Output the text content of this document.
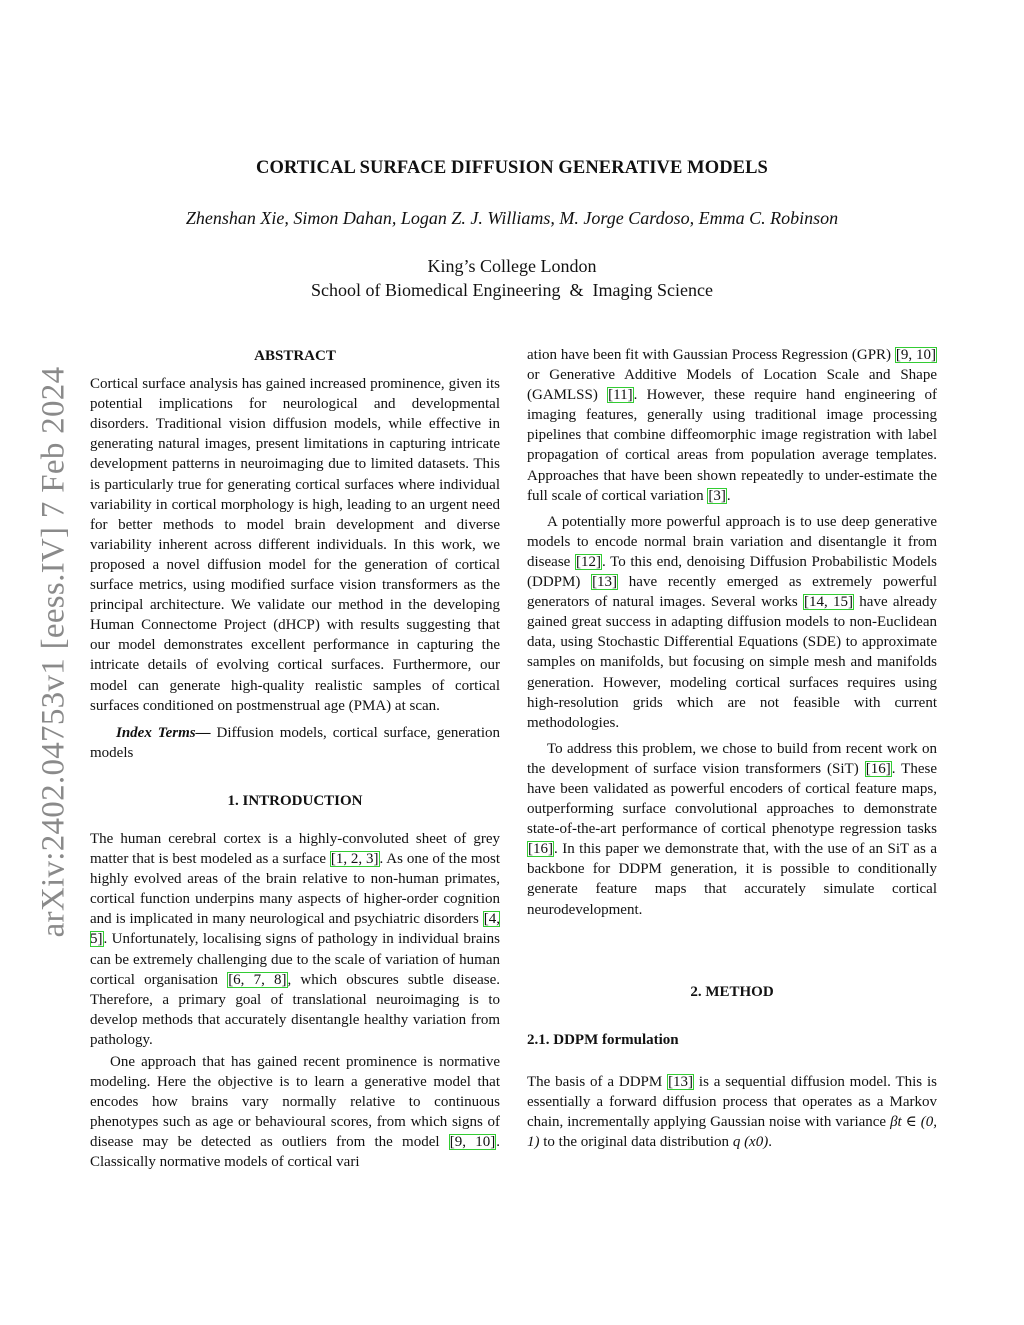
arXiv:2402.04753v1 [eess.IV] 7 Feb 2024
CORTICAL SURFACE DIFFUSION GENERATIVE MODELS
Zhenshan Xie, Simon Dahan, Logan Z. J. Williams, M. Jorge Cardoso, Emma C. Robinson
King’s College London
School of Biomedical Engineering  &  Imaging Science
ABSTRACT

Cortical surface analysis has gained increased prominence, given its potential implications for neurological and developmental disorders. Traditional vision diffusion models, while effective in generating natural images, present limitations in capturing intricate development patterns in neuroimaging due to limited datasets. This is particularly true for generating cortical surfaces where individual variability in cortical morphology is high, leading to an urgent need for better methods to model brain development and diverse variability inherent across different individuals. In this work, we proposed a novel diffusion model for the generation of cortical surface metrics, using modified surface vision transformers as the principal architecture. We validate our method in the developing Human Connectome Project (dHCP) with results suggesting that our model demonstrates excellent performance in capturing the intricate details of evolving cortical surfaces. Furthermore, our model can generate high-quality realistic samples of cortical surfaces conditioned on postmenstrual age (PMA) at scan.

Index Terms— Diffusion models, cortical surface, generation models

1. INTRODUCTION

The human cerebral cortex is a highly-convoluted sheet of grey matter that is best modeled as a surface [1, 2, 3]. As one of the most highly evolved areas of the brain relative to non-human primates, cortical function underpins many aspects of higher-order cognition and is implicated in many neurological and psychiatric disorders [4, 5]. Unfortunately, localising signs of pathology in individual brains can be extremely challenging due to the scale of variation of human cortical organisation [6, 7, 8], which obscures subtle disease. Therefore, a primary goal of translational neuroimaging is to develop methods that accurately disentangle healthy variation from pathology.

One approach that has gained recent prominence is normative modeling. Here the objective is to learn a generative model that encodes how brains vary normally relative to continuous phenotypes such as age or behavioural scores, from which signs of disease may be detected as outliers from the model [9, 10]. Classically normative models of cortical vari

ation have been fit with Gaussian Process Regression (GPR) [9, 10] or Generative Additive Models of Location Scale and Shape (GAMLSS) [11]. However, these require hand engineering of imaging features, generally using traditional image processing pipelines that combine diffeomorphic image registration with label propagation of cortical areas from population average templates. Approaches that have been shown repeatedly to under-estimate the full scale of cortical variation [3].

A potentially more powerful approach is to use deep generative models to encode normal brain variation and disentangle it from disease [12]. To this end, denoising Diffusion Probabilistic Models (DDPM) [13] have recently emerged as extremely powerful generators of natural images. Several works [14, 15] have already gained great success in adapting diffusion models to non-Euclidean data, using Stochastic Differential Equations (SDE) to approximate samples on manifolds, but focusing on simple mesh and manifolds generation. However, modeling cortical surfaces requires using high-resolution grids which are not feasible with current methodologies.

To address this problem, we chose to build from recent work on the development of surface vision transformers (SiT) [16]. These have been validated as powerful encoders of cortical feature maps, outperforming surface convolutional approaches to demonstrate state-of-the-art performance of cortical phenotype regression tasks [16]. In this paper we demonstrate that, with the use of an SiT as a backbone for DDPM generation, it is possible to conditionally generate feature maps that accurately simulate cortical neurodevelopment.

2. METHOD
2.1. DDPM formulation

The basis of a DDPM [13] is a sequential diffusion model. This is essentially a forward diffusion process that operates as a Markov chain, incrementally applying Gaussian noise with variance βt ∈ (0, 1) to the original data distribution q (x0).
